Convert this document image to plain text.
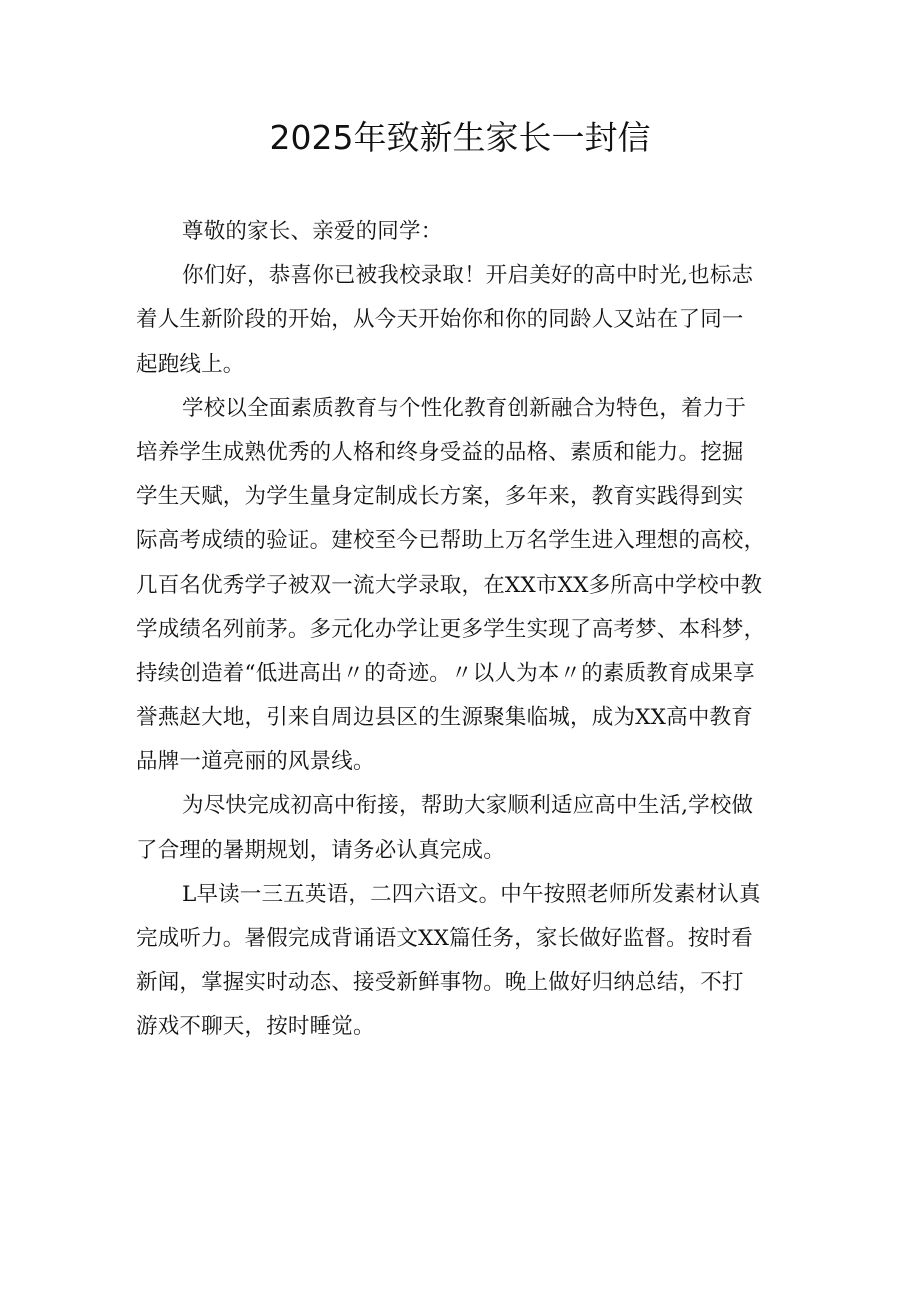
2025年致新生家长一封信
尊敬的家长、亲爱的同学：
你们好，恭喜你已被我校录取！开启美好的高中时光,也标志
着人生新阶段的开始，从今天开始你和你的同龄人又站在了同一
起跑线上。
学校以全面素质教育与个性化教育创新融合为特色，着力于
培养学生成熟优秀的人格和终身受益的品格、素质和能力。挖掘
学生天赋，为学生量身定制成长方案，多年来，教育实践得到实
际高考成绩的验证。建校至今已帮助上万名学生进入理想的高校，
几百名优秀学子被双一流大学录取，在XX市XX多所高中学校中教
学成绩名列前茅。多元化办学让更多学生实现了高考梦、本科梦，
持续创造着“低进高出〃的奇迹。〃以人为本〃的素质教育成果享
誉燕赵大地，引来自周边县区的生源聚集临城，成为XX高中教育
品牌一道亮丽的风景线。
为尽快完成初高中衔接，帮助大家顺利适应高中生活,学校做
了合理的暑期规划，请务必认真完成。
L早读一三五英语，二四六语文。中午按照老师所发素材认真
完成听力。暑假完成背诵语文XX篇任务，家长做好监督。按时看
新闻，掌握实时动态、接受新鲜事物。晚上做好归纳总结，不打
游戏不聊天，按时睡觉。
